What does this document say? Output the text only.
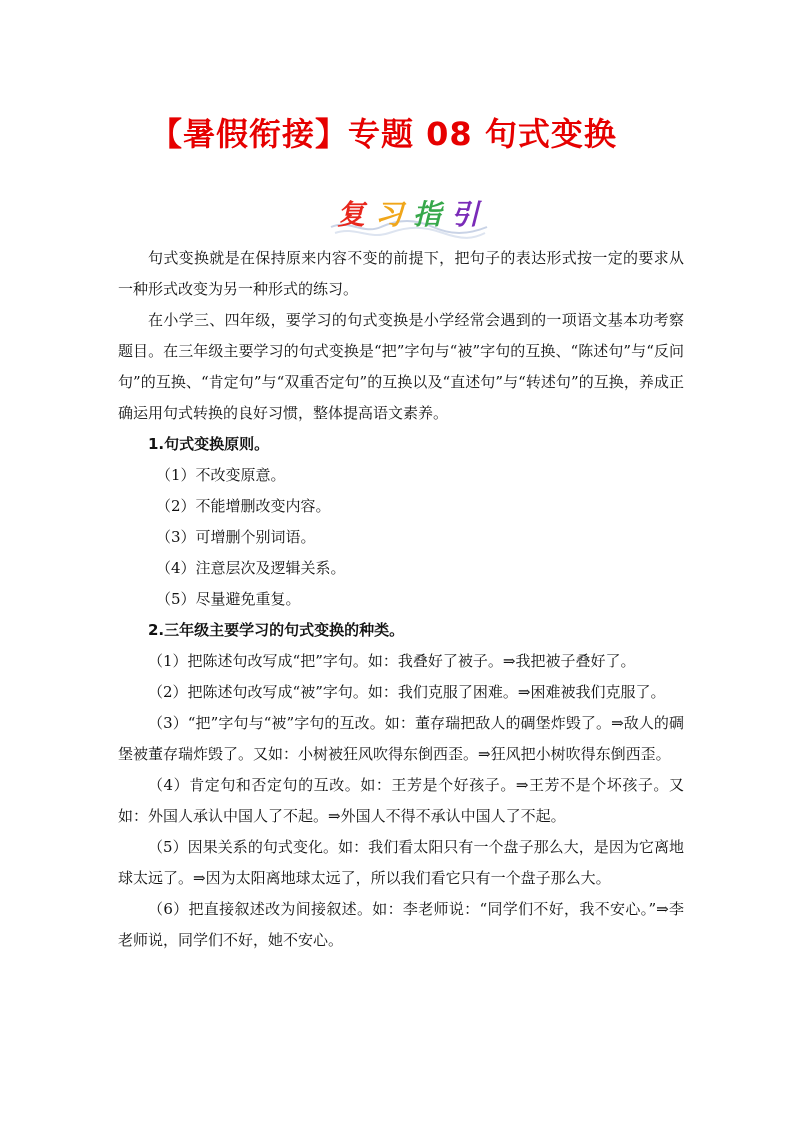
【暑假衔接】专题 08 句式变换
复 习 指 引

句式变换就是在保持原来内容不变的前提下，把句子的表达形式按一定的要求从一种形式改变为另一种形式的练习。

在小学三、四年级，要学习的句式变换是小学经常会遇到的一项语文基本功考察题目。在三年级主要学习的句式变换是“把”字句与“被”字句的互换、“陈述句”与“反问句”的互换、“肯定句”与“双重否定句”的互换以及“直述句”与“转述句”的互换，养成正确运用句式转换的良好习惯，整体提高语文素养。

1.句式变换原则。

（1）不改变原意。

（2）不能增删改变内容。

（3）可增删个别词语。

（4）注意层次及逻辑关系。

（5）尽量避免重复。

2.三年级主要学习的句式变换的种类。

（1）把陈述句改写成“把”字句。如：我叠好了被子。⇒我把被子叠好了。

（2）把陈述句改写成“被”字句。如：我们克服了困难。⇒困难被我们克服了。

（3）“把”字句与“被”字句的互改。如：董存瑞把敌人的碉堡炸毁了。⇒敌人的碉堡被董存瑞炸毁了。又如：小树被狂风吹得东倒西歪。⇒狂风把小树吹得东倒西歪。

（4）肯定句和否定句的互改。如：王芳是个好孩子。⇒王芳不是个坏孩子。又如：外国人承认中国人了不起。⇒外国人不得不承认中国人了不起。

（5）因果关系的句式变化。如：我们看太阳只有一个盘子那么大，是因为它离地球太远了。⇒因为太阳离地球太远了，所以我们看它只有一个盘子那么大。

（6）把直接叙述改为间接叙述。如：李老师说：“同学们不好，我不安心。”⇒李老师说，同学们不好，她不安心。
